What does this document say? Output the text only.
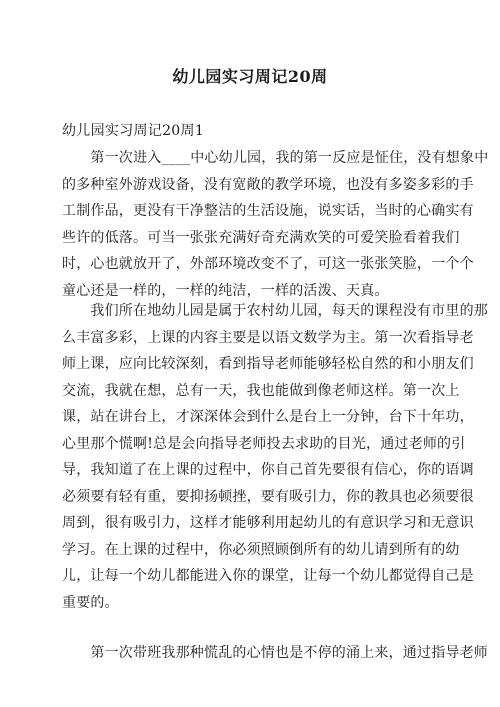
幼儿园实习周记20周
幼儿园实习周记20周1
　　第一次进入____中心幼儿园，我的第一反应是怔住，没有想象中
的多种室外游戏设备，没有宽敞的教学环境，也没有多姿多彩的手
工制作品，更没有干净整洁的生活设施，说实话，当时的心确实有
些许的低落。可当一张张充满好奇充满欢笑的可爱笑脸看着我们
时，心也就放开了，外部环境改变不了，可这一张张笑脸，一个个
童心还是一样的，一样的纯洁，一样的活泼、天真。
　　我们所在地幼儿园是属于农村幼儿园，每天的课程没有市里的那
么丰富多彩，上课的内容主要是以语文数学为主。第一次看指导老
师上课，应向比较深刻，看到指导老师能够轻松自然的和小朋友们
交流，我就在想，总有一天，我也能做到像老师这样。第一次上
课，站在讲台上，才深深体会到什么是台上一分钟，台下十年功，
心里那个慌啊!总是会向指导老师投去求助的目光，通过老师的引
导，我知道了在上课的过程中，你自己首先要很有信心，你的语调
必须要有轻有重，要抑扬顿挫，要有吸引力，你的教具也必须要很
周到，很有吸引力，这样才能够利用起幼儿的有意识学习和无意识
学习。在上课的过程中，你必须照顾倒所有的幼儿请到所有的幼
儿，让每一个幼儿都能进入你的课堂，让每一个幼儿都觉得自己是
重要的。
　　第一次带班我那种慌乱的心情也是不停的涌上来，通过指导老师
